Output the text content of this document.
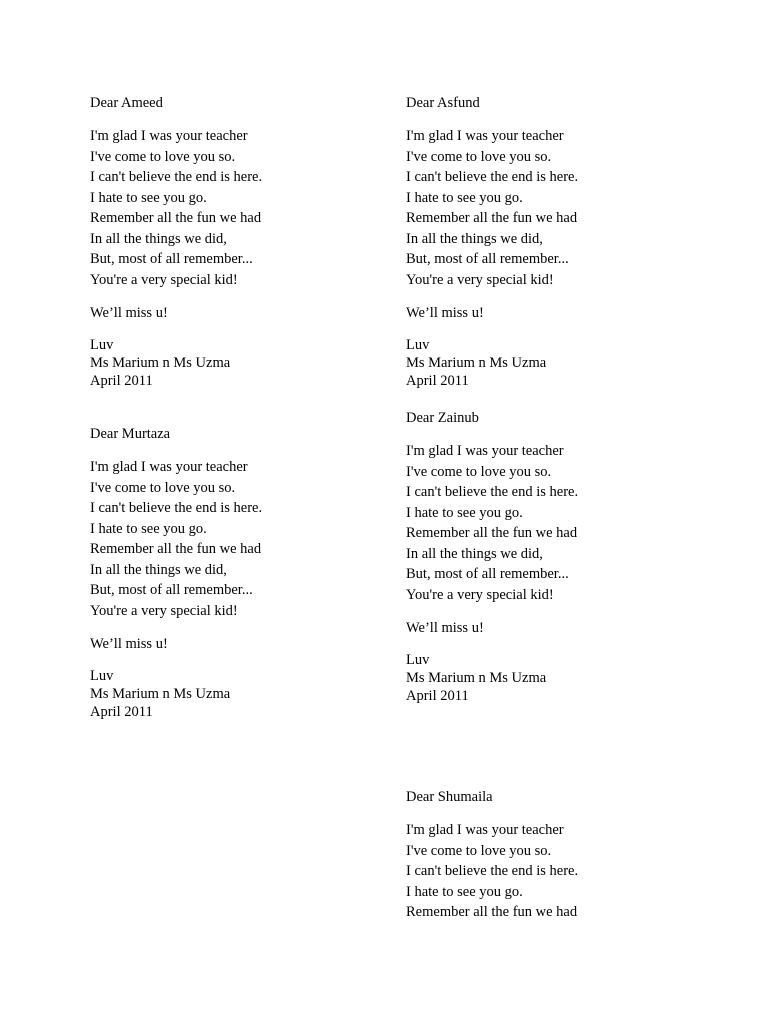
Dear Ameed
I'm glad I was your teacher
I've come to love you so.
I can't believe the end is here.
I hate to see you go.
Remember all the fun we had
In all the things we did,
But, most of all remember...
You're a very special kid!
We’ll miss u!
Luv
Ms Marium n Ms Uzma
April 2011
Dear Asfund
I'm glad I was your teacher
I've come to love you so.
I can't believe the end is here.
I hate to see you go.
Remember all the fun we had
In all the things we did,
But, most of all remember...
You're a very special kid!
We’ll miss u!
Luv
Ms Marium n Ms Uzma
April 2011
Dear Murtaza
I'm glad I was your teacher
I've come to love you so.
I can't believe the end is here.
I hate to see you go.
Remember all the fun we had
In all the things we did,
But, most of all remember...
You're a very special kid!
We’ll miss u!
Luv
Ms Marium n Ms Uzma
April 2011
Dear Zainub
I'm glad I was your teacher
I've come to love you so.
I can't believe the end is here.
I hate to see you go.
Remember all the fun we had
In all the things we did,
But, most of all remember...
You're a very special kid!
We’ll miss u!
Luv
Ms Marium n Ms Uzma
April 2011
Dear Shumaila
I'm glad I was your teacher
I've come to love you so.
I can't believe the end is here.
I hate to see you go.
Remember all the fun we had
